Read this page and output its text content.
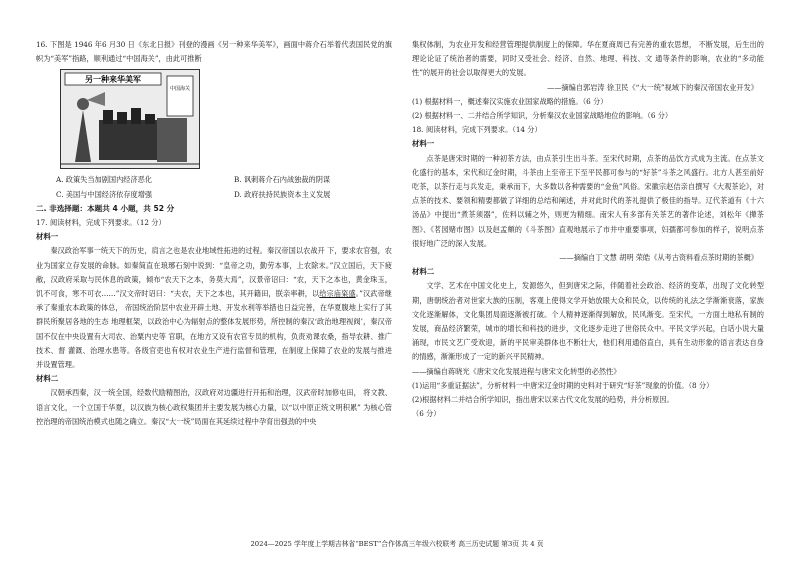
16. 下图是 1946 年6 月30 日《东北日报》刊登的漫画《另一种来华美军》，画面中蒋介石举着代表国民党的旗帜为“美军”指路，顺利通过“中国海关”，由此可推断

另一种来华美军
中国海关
A. 政策失当加剧国内经济恶化	B. 讽刺蒋介石内战独裁的阴谋
C. 美国与中国经济依存度增强	D. 政府扶持民族资本主义发展

二. 非选择题：本题共 4 小题，共 52 分

17. 阅读材料，完成下列要求。（12 分）

材料一

秦汉政治军事一统天下的历史，肩言之也是农业地域性拓进的过程。秦汉帝国以农战开 下，要求农官强，农业为国家立存发展的命脉。如秦简直在琅琊石刻中说到：“皇帝之功，勤劳本事，上农除末。”汉立国后，天下疲敝，汉政府采取与民休息的政策，倾布“农天下之本，务莫大焉”，汉景帝诏曰：“农，天下之本也，黄金珠玉，饥不可食，寒不可衣……”汉文帝时诏曰：“夫农，天下之本也，其开籍田，朕亲率耕，以给宗庙粢盛。”汉武帝继承了秦重农本政策的体总， 帝国统治阶层中农业开辟土地、开发水利等举措也日益完善，在华夏腹地上实行了其群民所聚居各地的生态 地理框架，以政治中心为辐射点的整体发展形势，所控制的秦汉‘政治地理视阀’，秦汉帝国不仅在中央设置有大司农、治粟内史等 官职，在地方又设有农官专员的机构，负责劝课农桑，指导农耕、推广技术、督 灌溉、治理水患等。各级官吏也有权对农业生产进行监督和管理，在制度上保障了农业的发展与推进 并设置管理。

材料二

汉朝承西秦，汉一统全国，经数代励精图治，汉政府对边疆进行开拓和治理，汉武帝时加修屯田， 将文教、语言文化，一个立国于华夏，以汉族为核心政权集团并主要发展为核心力量，以“以中原正统文明积累” 为核心管控治理的帝国统治模式也随之确立。秦汉“大一统”局面在其延续过程中孕育出强劲的中央

集权体制，为农业开发和经营管理提供制度上的保障。华在夏商周已有完善的重农思想， 不断发展，后生出的理论论证了统治者的需要，同时又受社会、经济、自然、地理、科技、文 通等条件的影响，农业的“多动能性”的展开的社会以取得更大的发展。

——摘编自郭岩涛 徐卫民《“大一统”视域下的秦汉帝国农业开发》

(1) 根据材料一，概述秦汉实施农业国家战略的措施。（6 分）

(2) 根据材料一、二并结合所学知识，分析秦汉农业国家战略地位的影响。（6 分）

18. 阅读材料，完成下列要求。（14 分）

材料一

点茶是唐宋时期的一种初茶方法，由点茶引生出斗茶。至宋代时期，点茶的品饮方式成为主流。在点茶文化盛行的基本，宋代和辽金时期，斗茶由上至帝王下至平民都可参与的“好茶”斗茶之风盛行。北方人甚至前好吃茶，以茶行走与兵发走，秉承而下，大多数以各种需要的“金鱼”风俗。宋徽宗赵佶亲自撰写《大观茶论》，对点茶的技术、要领和精要都做了详细的总结和阐述，并对此时代的茶礼提供了极佳的指导。辽代茶道有《十六汤品》中提出“煮茶须器”，佐料以辅之外，则更为精细。南宋人有多部有关茶艺的著作论述，刘松年《撵茶图》、《茗园赌市图》以及赵孟頫的《斗茶图》直观地展示了市井中重要事项，妇孺都可参加的样子，说明点茶很好地广泛的深入发展。

——摘编自丁文慧 胡明 荣皓《从考古资料看点茶时期的茶概》

材料二

文学、艺术在中国文化史上，发源悠久，但到唐宋之际，伴随着社会政治、经济的变革，出现了文化转型期，唐朝统治者对世家大族的压制，客观上使得文学开始放眼大众和民众，以传统的礼法之学渐渐衰落，家族文化逐渐解体，文化集团局面逐渐被打破。个人精神逐渐得到解放，民风渐变。至宋代，一方面土地私有制的发展，商品经济繁荣，城市的增长和科技的进步，文化逐步走进了世俗民众中。平民文学兴起，白话小说大量涌现，市民文艺广受欢迎，新的平民审美群体也不断壮大，他们利用通俗直白，具有生动形象的语言表达自身的情感，渐渐形成了一定的新兴平民精神。

——摘编自蒋晓光《唐宋文化发展进程与唐宋文化转型的必然性》

(1)运用“多重证据法”，分析材料一中唐宋辽金时期的史料对于研究“好茶”现象的价值。（8 分）

(2)根据材料二并结合所学知识，指出唐宋以来古代文化发展的趋势，并分析原因。

（6 分）

2024—2025 学年度上学期吉林省“BEST”合作体高三年级六校联考 高三历史试题 第3页 共 4 页
